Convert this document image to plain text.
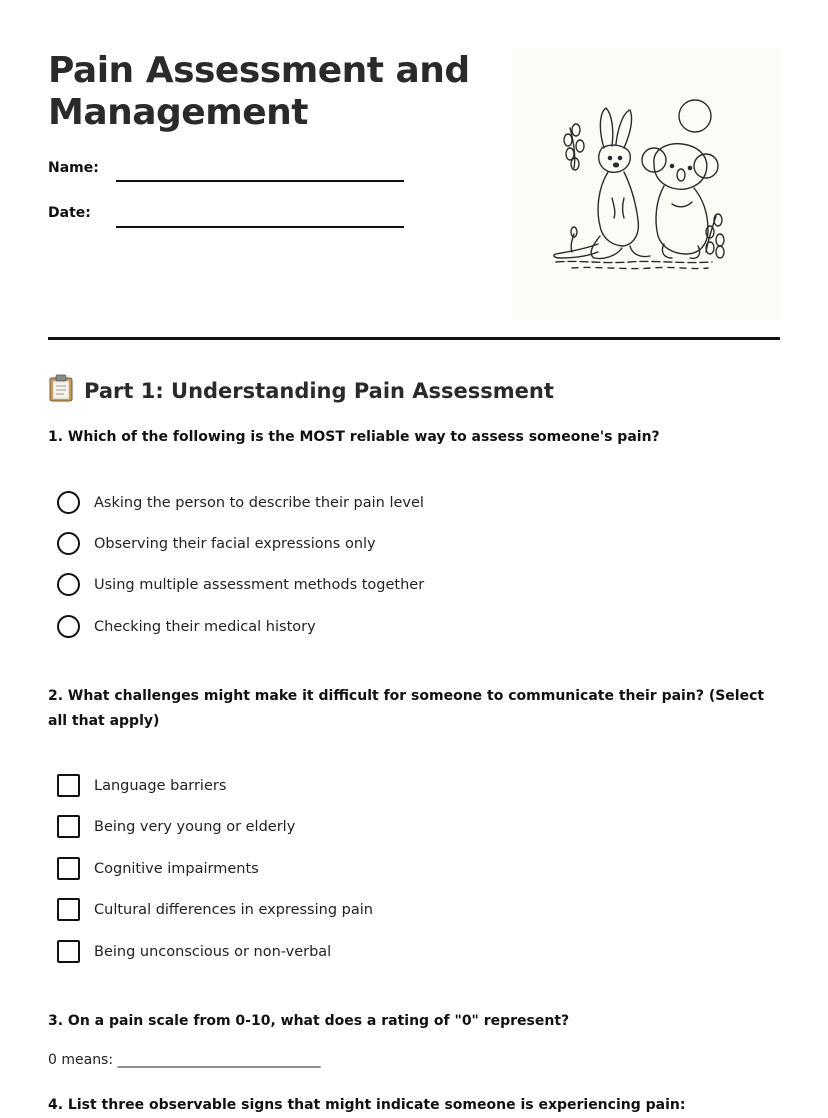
Pain Assessment and Management
Name:
Date:
Part 1: Understanding Pain Assessment
1. Which of the following is the MOST reliable way to assess someone's pain?
Asking the person to describe their pain level
Observing their facial expressions only
Using multiple assessment methods together
Checking their medical history
2. What challenges might make it difficult for someone to communicate their pain? (Select all that apply)
Language barriers
Being very young or elderly
Cognitive impairments
Cultural differences in expressing pain
Being unconscious or non-verbal
3. On a pain scale from 0-10, what does a rating of "0" represent?
0 means: _____________________________
4. List three observable signs that might indicate someone is experiencing pain:
